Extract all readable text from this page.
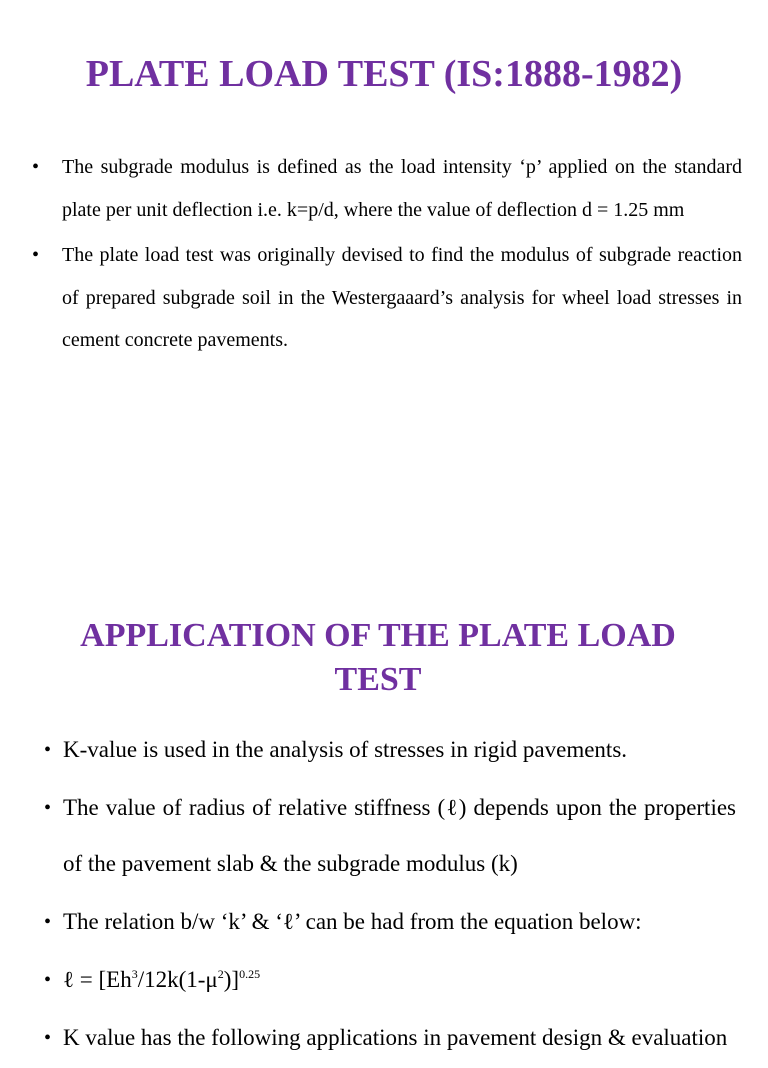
PLATE LOAD TEST (IS:1888-1982)
• The subgrade modulus is defined as the load intensity ‘p’ applied on the standard plate per unit deflection i.e. k=p/d, where the value of deflection d = 1.25 mm
• The plate load test was originally devised to find the modulus of subgrade reaction of prepared subgrade soil in the Westergaaard’s analysis for wheel load stresses in cement concrete pavements.
APPLICATION OF THE PLATE LOAD TEST
• K-value is used in the analysis of stresses in rigid pavements.
• The value of radius of relative stiffness (ℓ) depends upon the properties of the pavement slab & the subgrade modulus (k)
• The relation b/w ‘k’ & ‘ℓ’ can be had from the equation below:
• ℓ = $[Eh^3/12k(1-\mu^2)]^{0.25}$
• K value has the following applications in pavement design & evaluation
